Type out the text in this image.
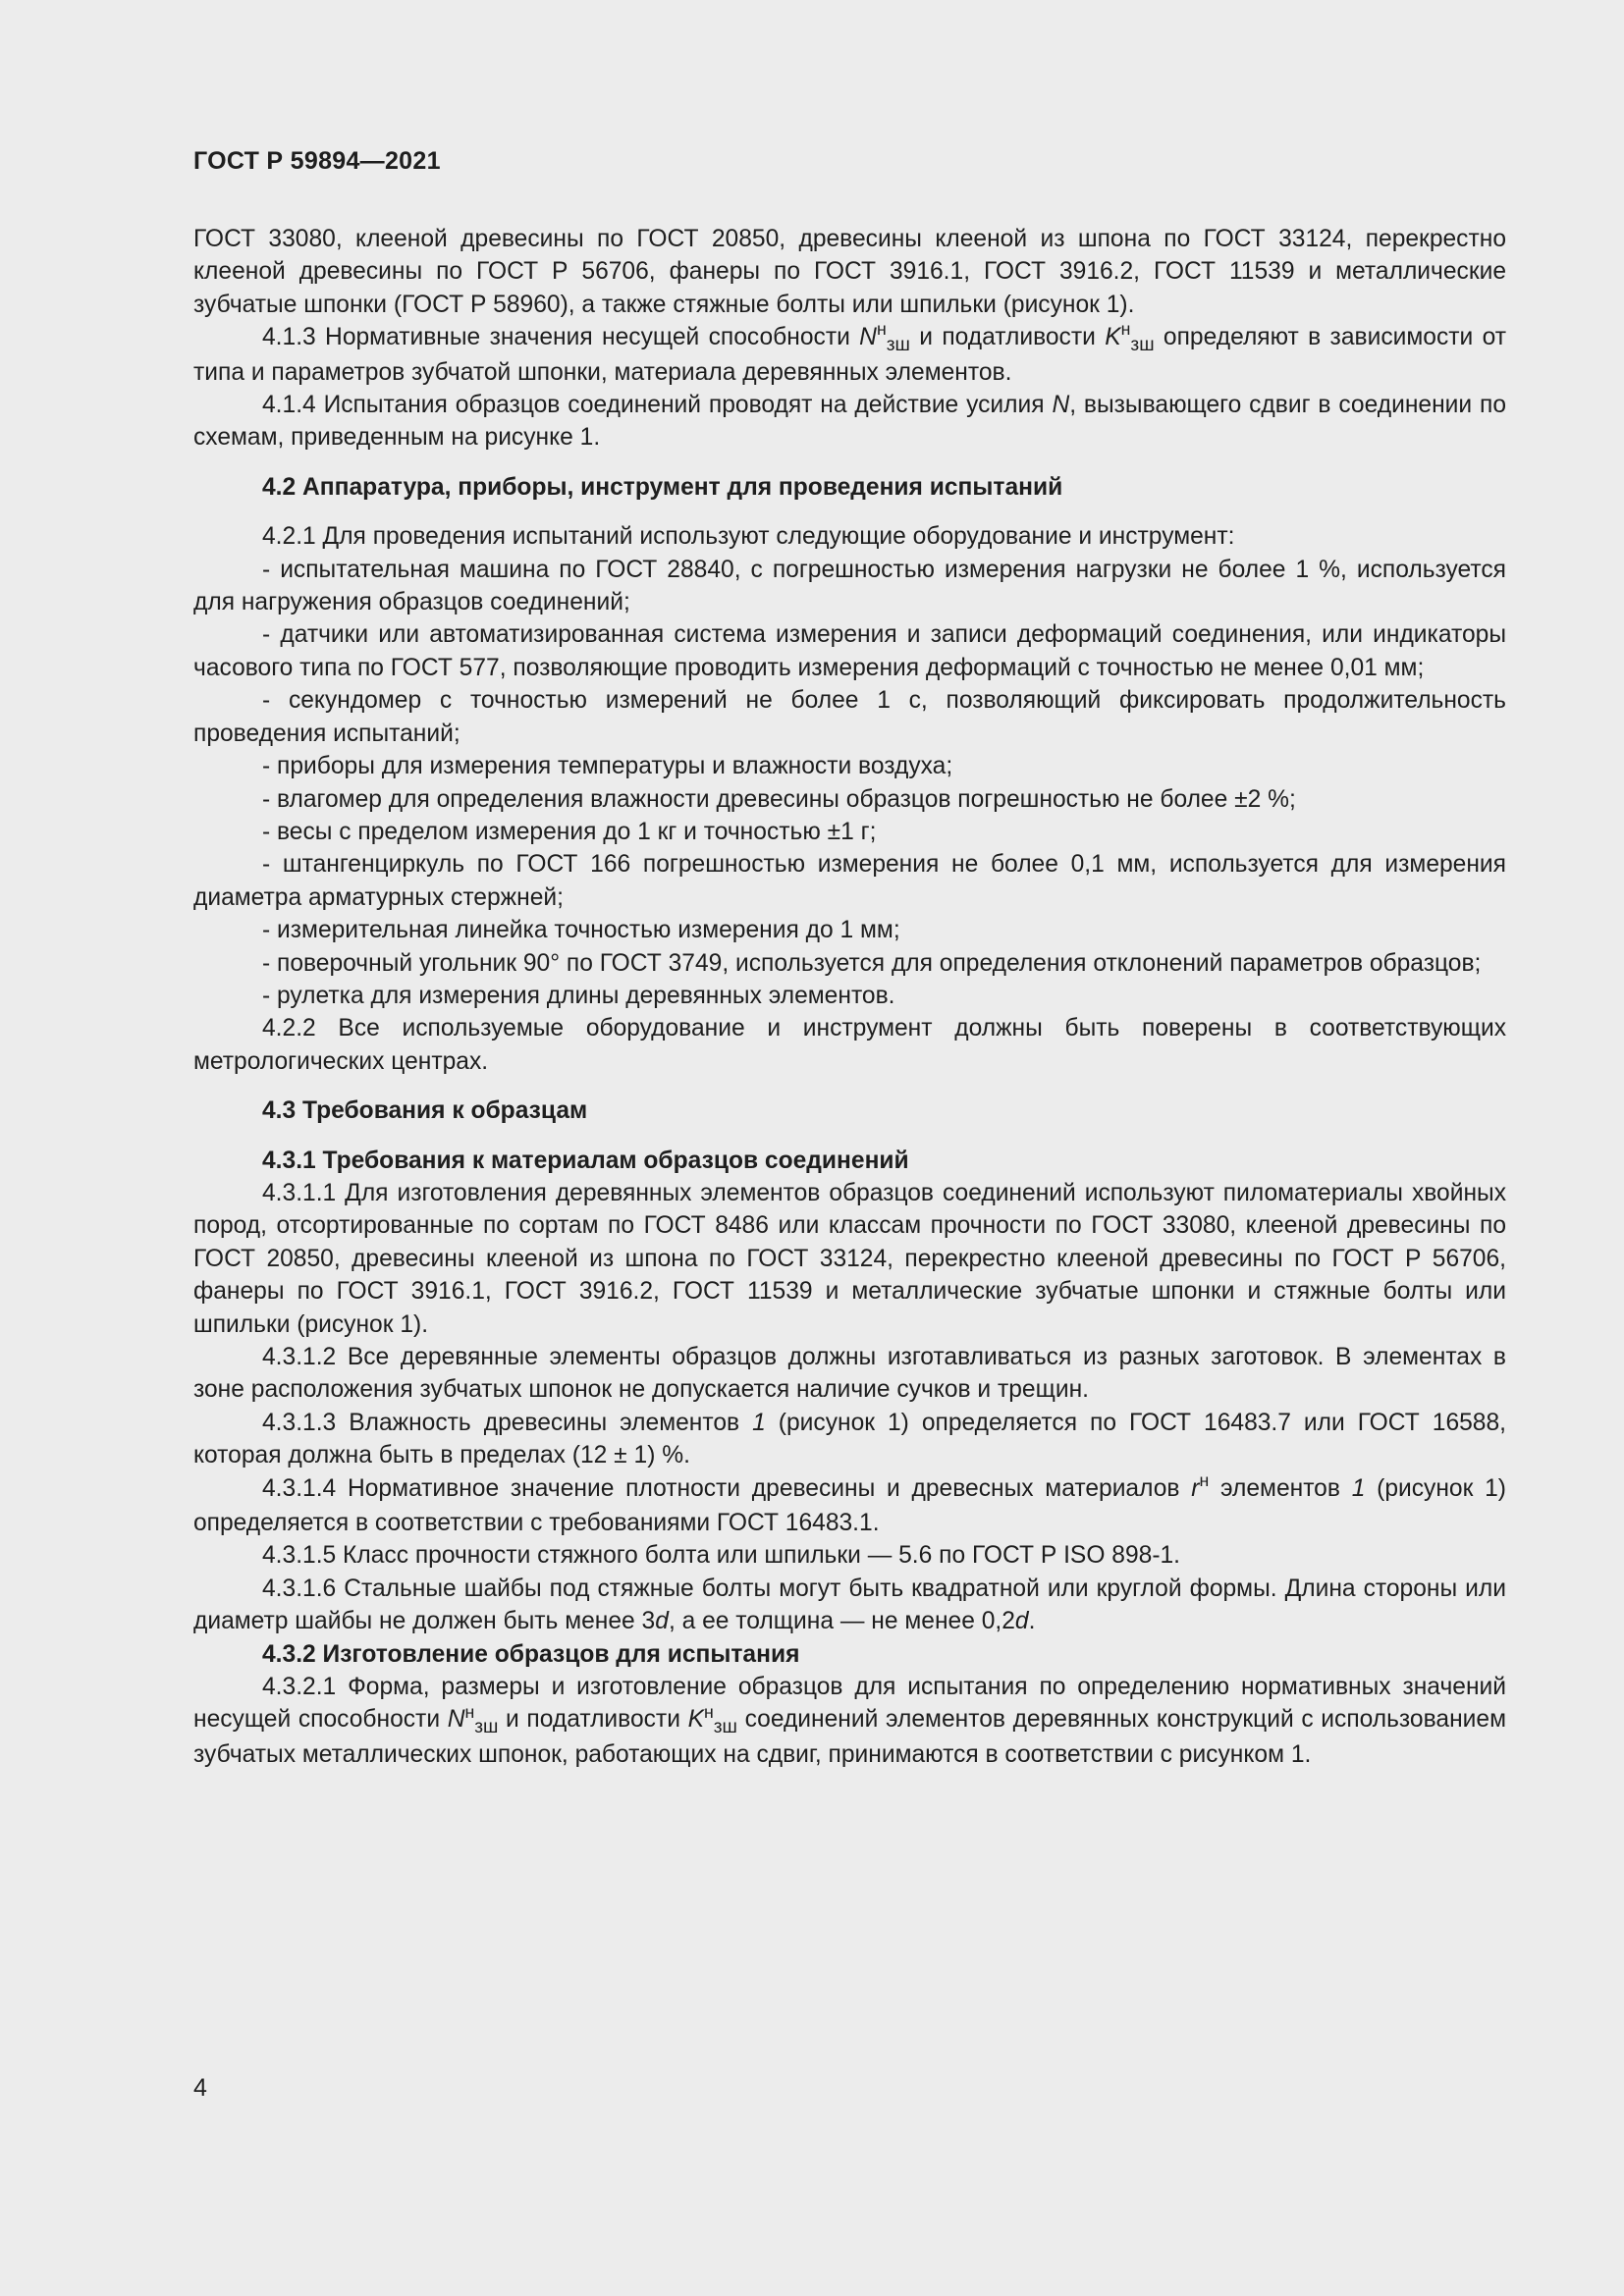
ГОСТ Р 59894—2021
ГОСТ 33080, клееной древесины по ГОСТ 20850, древесины клееной из шпона по ГОСТ 33124, перекрестно клееной древесины по ГОСТ Р 56706, фанеры по ГОСТ 3916.1, ГОСТ 3916.2, ГОСТ 11539 и металлические зубчатые шпонки (ГОСТ Р 58960), а также стяжные болты или шпильки (рисунок 1).
4.1.3 Нормативные значения несущей способности $N^н_{зш}$ и податливости $K^н_{зш}$ определяют в зависимости от типа и параметров зубчатой шпонки, материала деревянных элементов.
4.1.4 Испытания образцов соединений проводят на действие усилия N, вызывающего сдвиг в соединении по схемам, приведенным на рисунке 1.
4.2 Аппаратура, приборы, инструмент для проведения испытаний
4.2.1 Для проведения испытаний используют следующие оборудование и инструмент:
- испытательная машина по ГОСТ 28840, с погрешностью измерения нагрузки не более 1 %, используется для нагружения образцов соединений;
- датчики или автоматизированная система измерения и записи деформаций соединения, или индикаторы часового типа по ГОСТ 577, позволяющие проводить измерения деформаций с точностью не менее 0,01 мм;
- секундомер с точностью измерений не более 1 с, позволяющий фиксировать продолжительность проведения испытаний;
- приборы для измерения температуры и влажности воздуха;
- влагомер для определения влажности древесины образцов погрешностью не более ±2 %;
- весы с пределом измерения до 1 кг и точностью ±1 г;
- штангенциркуль по ГОСТ 166 погрешностью измерения не более 0,1 мм, используется для измерения диаметра арматурных стержней;
- измерительная линейка точностью измерения до 1 мм;
- поверочный угольник 90° по ГОСТ 3749, используется для определения отклонений параметров образцов;
- рулетка для измерения длины деревянных элементов.
4.2.2 Все используемые оборудование и инструмент должны быть поверены в соответствующих метрологических центрах.
4.3 Требования к образцам
4.3.1 Требования к материалам образцов соединений
4.3.1.1 Для изготовления деревянных элементов образцов соединений используют пиломатериалы хвойных пород, отсортированные по сортам по ГОСТ 8486 или классам прочности по ГОСТ 33080, клееной древесины по ГОСТ 20850, древесины клееной из шпона по ГОСТ 33124, перекрестно клееной древесины по ГОСТ Р 56706, фанеры по ГОСТ 3916.1, ГОСТ 3916.2, ГОСТ 11539 и металлические зубчатые шпонки и стяжные болты или шпильки (рисунок 1).
4.3.1.2 Все деревянные элементы образцов должны изготавливаться из разных заготовок. В элементах в зоне расположения зубчатых шпонок не допускается наличие сучков и трещин.
4.3.1.3 Влажность древесины элементов 1 (рисунок 1) определяется по ГОСТ 16483.7 или ГОСТ 16588, которая должна быть в пределах (12 ± 1) %.
4.3.1.4 Нормативное значение плотности древесины и древесных материалов $r^н$ элементов 1 (рисунок 1) определяется в соответствии с требованиями ГОСТ 16483.1.
4.3.1.5 Класс прочности стяжного болта или шпильки — 5.6 по ГОСТ Р ISO 898-1.
4.3.1.6 Стальные шайбы под стяжные болты могут быть квадратной или круглой формы. Длина стороны или диаметр шайбы не должен быть менее 3d, а ее толщина — не менее 0,2d.
4.3.2 Изготовление образцов для испытания
4.3.2.1 Форма, размеры и изготовление образцов для испытания по определению нормативных значений несущей способности $N^н_{зш}$ и податливости $K^н_{зш}$ соединений элементов деревянных конструкций с использованием зубчатых металлических шпонок, работающих на сдвиг, принимаются в соответствии с рисунком 1.
4
